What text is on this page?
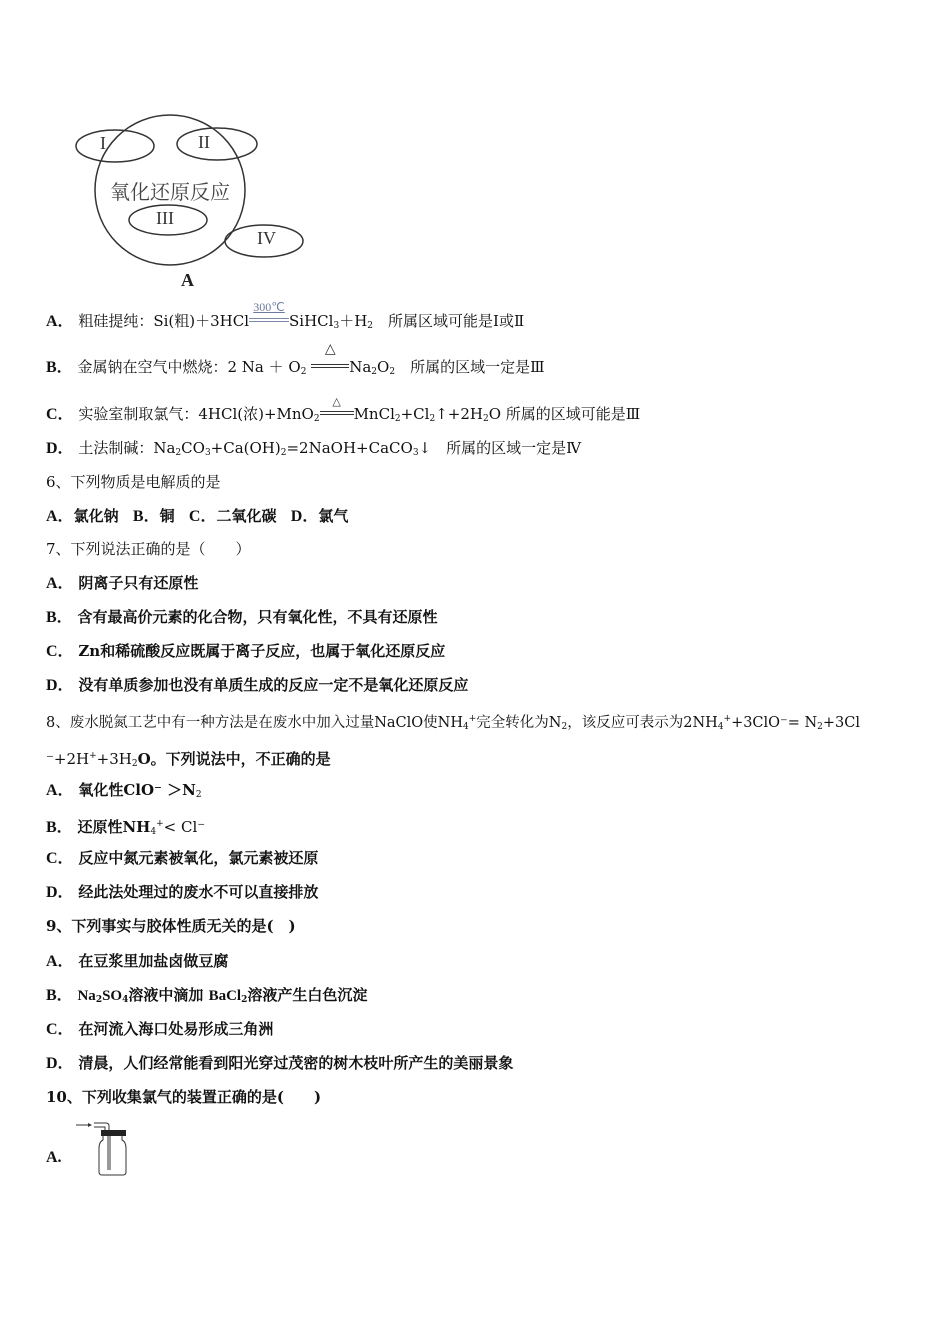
I	II
氧化还原反应
III
IV
A
A． 粗硅提纯：Si(粗)＋3HCl
300℃
$SiHCl_3+H_2$　所属区域可能是Ⅰ或Ⅱ
B． 金属钠在空气中燃烧：2 $Na + O_2$
△
$Na_2O_2$　所属的区域一定是Ⅲ
C． 实验室制取氯气：4HCl(浓)+MnO$_2$
△
$MnCl_2+Cl_2↑+2H_2O$ 所属的区域可能是Ⅲ
D． 土法制碱：$Na_2CO_3+Ca(OH)_2=2NaOH+CaCO_3↓$　所属的区域一定是Ⅳ
6、下列物质是电解质的是
A．氯化钠 B．铜 C．二氧化碳 D．氯气
7、下列说法正确的是（　　）
A． 阴离子只有还原性
B． 含有最高价元素的化合物，只有氧化性，不具有还原性
C． Zn和稀硫酸反应既属于离子反应，也属于氧化还原反应
D． 没有单质参加也没有单质生成的反应一定不是氧化还原反应
8、废水脱氮工艺中有一种方法是在废水中加入过量NaClO使$NH_4^+$完全转化为$N_2$，该反应可表示为$2NH_4^++3ClO^-= N_2+3Cl$
$^-+2H^++3H_2O$。下列说法中，不正确的是
A． 氧化性$ClO^- >N_2$
B． 还原性$NH_4^+< Cl^-$
C． 反应中氮元素被氧化，氯元素被还原
D． 经此法处理过的废水不可以直接排放
9、下列事实与胶体性质无关的是(　)
A． 在豆浆里加盐卤做豆腐
B． $Na_2SO_4$溶液中滴加 BaCl$_2$溶液产生白色沉淀
C． 在河流入海口处易形成三角洲
D． 清晨，人们经常能看到阳光穿过茂密的树木枝叶所产生的美丽景象
10、下列收集氯气的装置正确的是(　　)
A.
